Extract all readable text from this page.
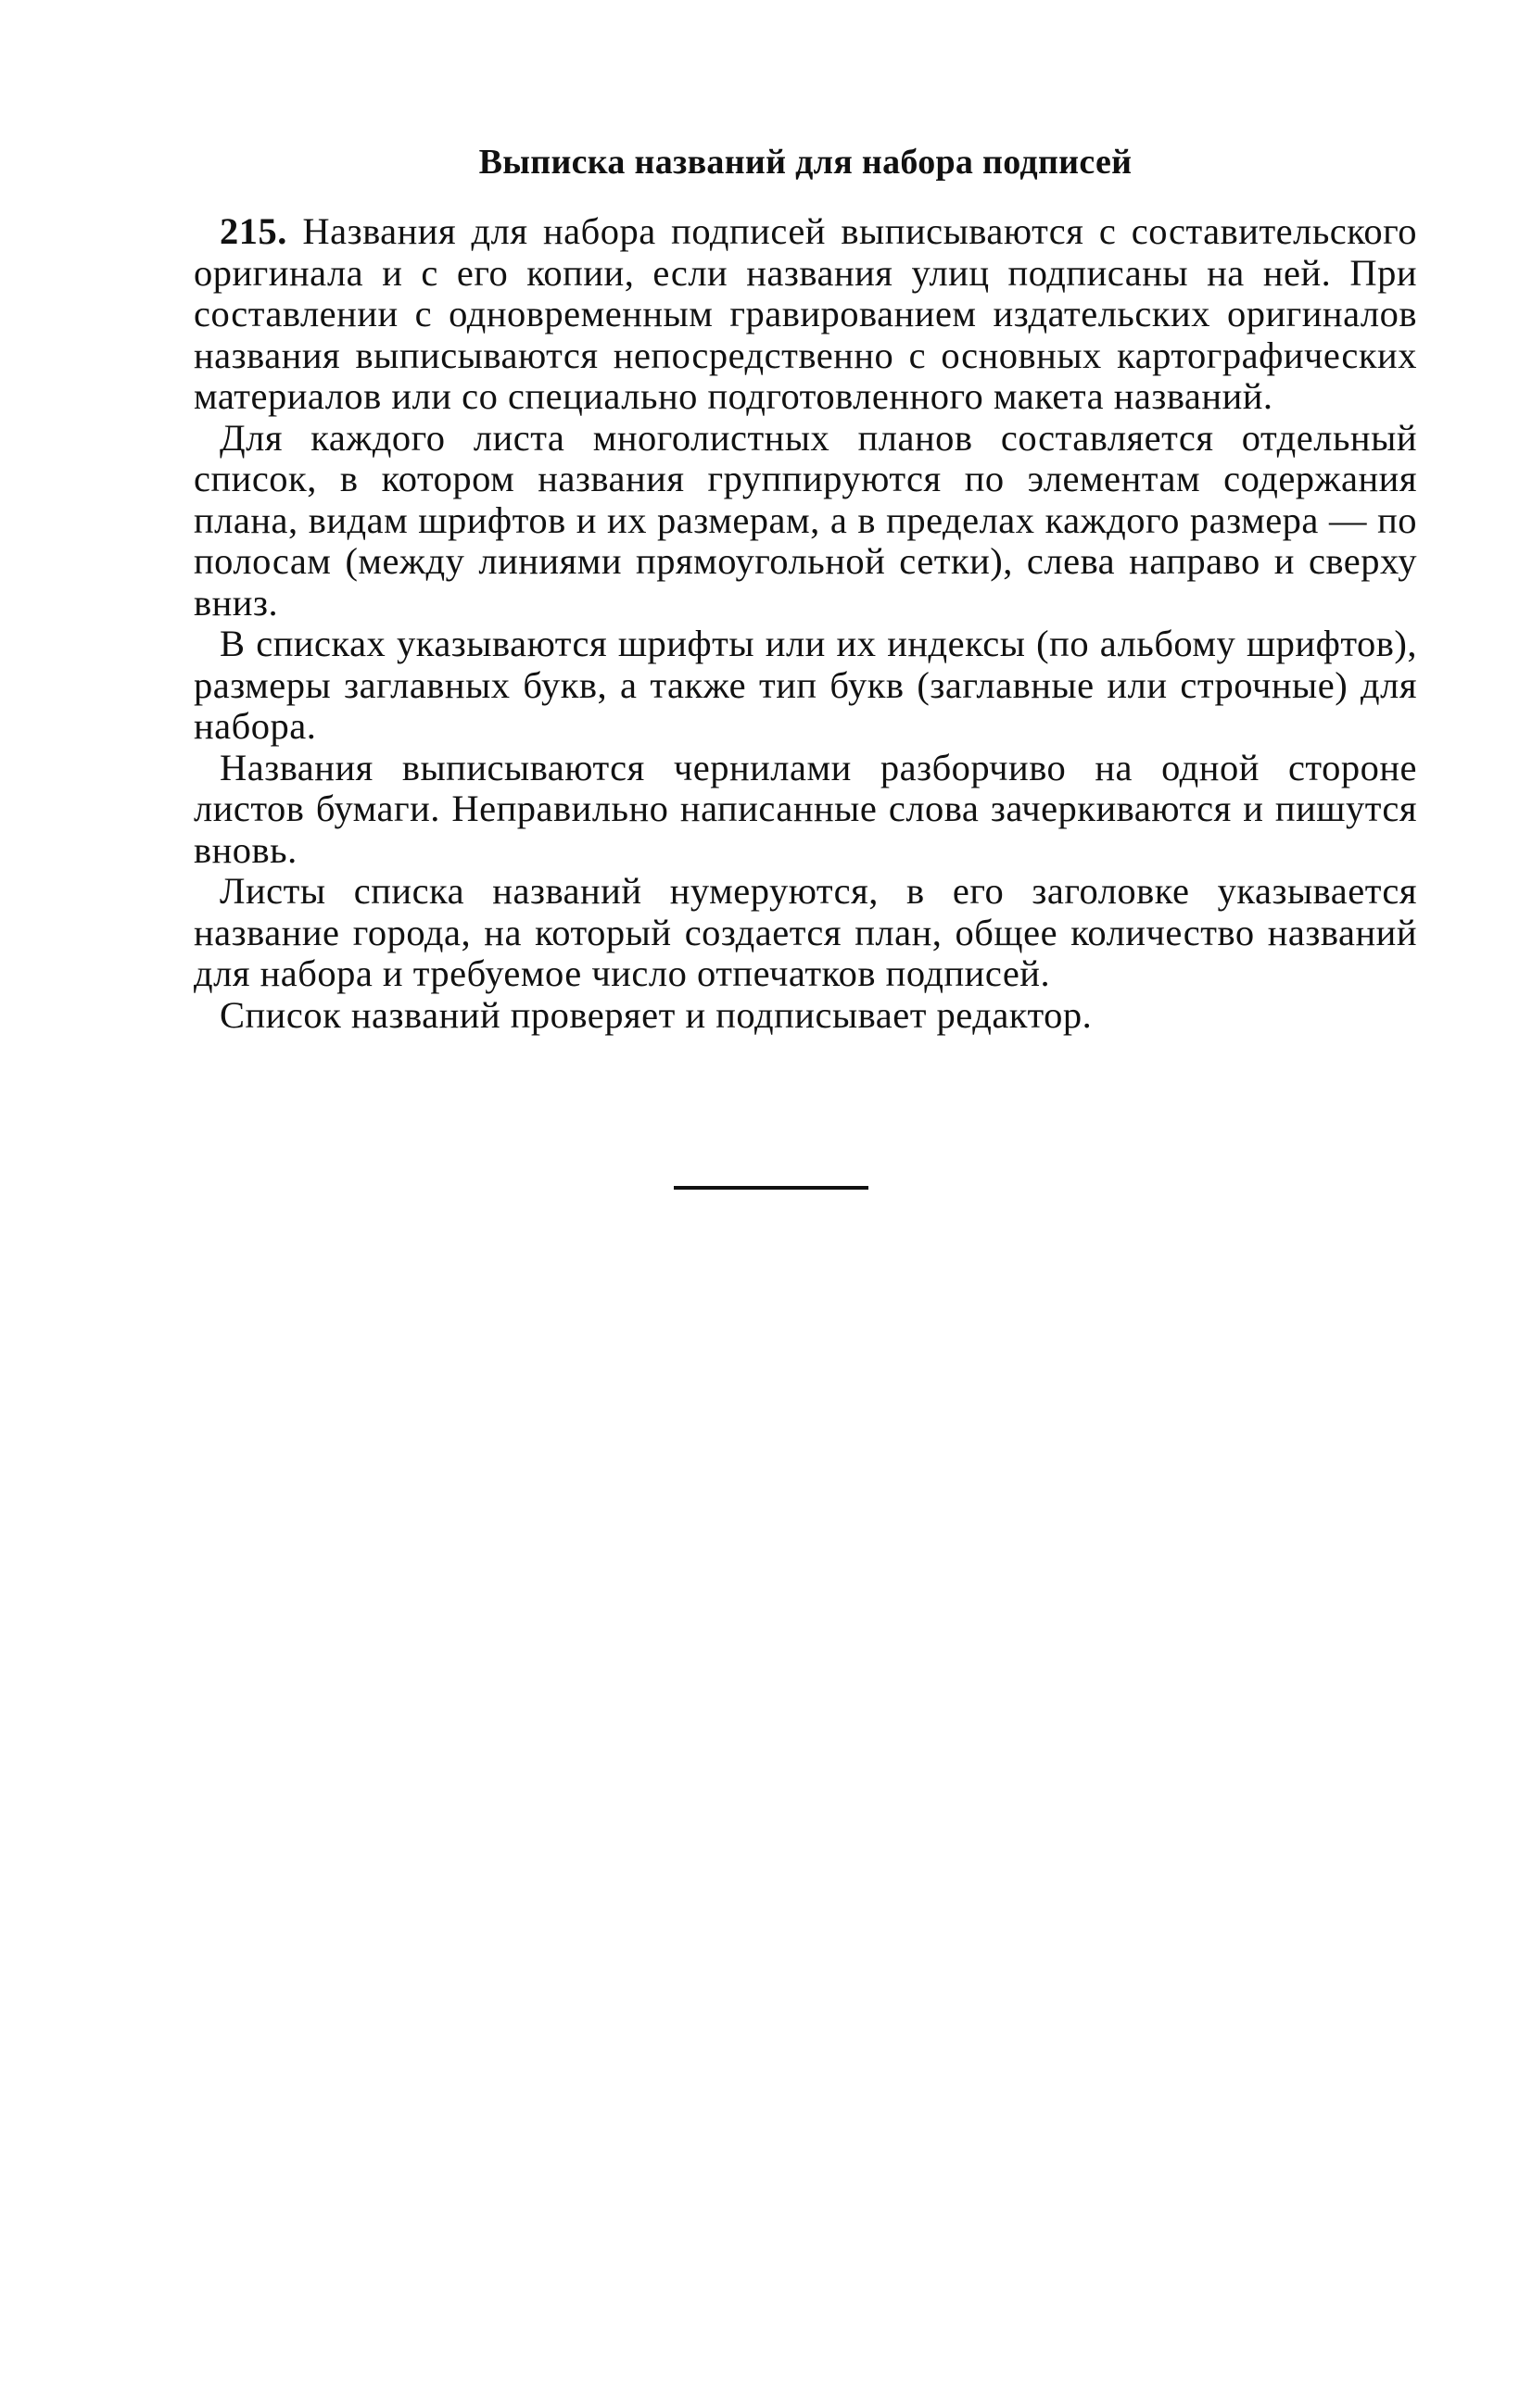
Выписка названий для набора подписей

215. Названия для набора подписей выписываются с составительского оригинала и с его копии, если названия улиц подписаны на ней. При составлении с одновременным гравированием издательских оригиналов названия выписываются непосредственно с основных картографических материалов или со специально подготовленного макета названий.

Для каждого листа многолистных планов составляется отдельный список, в котором названия группируются по элементам содержания плана, видам шрифтов и их размерам, а в пределах каждого размера — по полосам (между линиями прямоугольной сетки), слева направо и сверху вниз.

В списках указываются шрифты или их индексы (по альбому шрифтов), размеры заглавных букв, а также тип букв (заглавные или строчные) для набора.

Названия выписываются чернилами разборчиво на одной стороне листов бумаги. Неправильно написанные слова зачеркиваются и пишутся вновь.

Листы списка названий нумеруются, в его заголовке указывается название города, на который создается план, общее количество названий для набора и требуемое число отпечатков подписей.

Список названий проверяет и подписывает редактор.
